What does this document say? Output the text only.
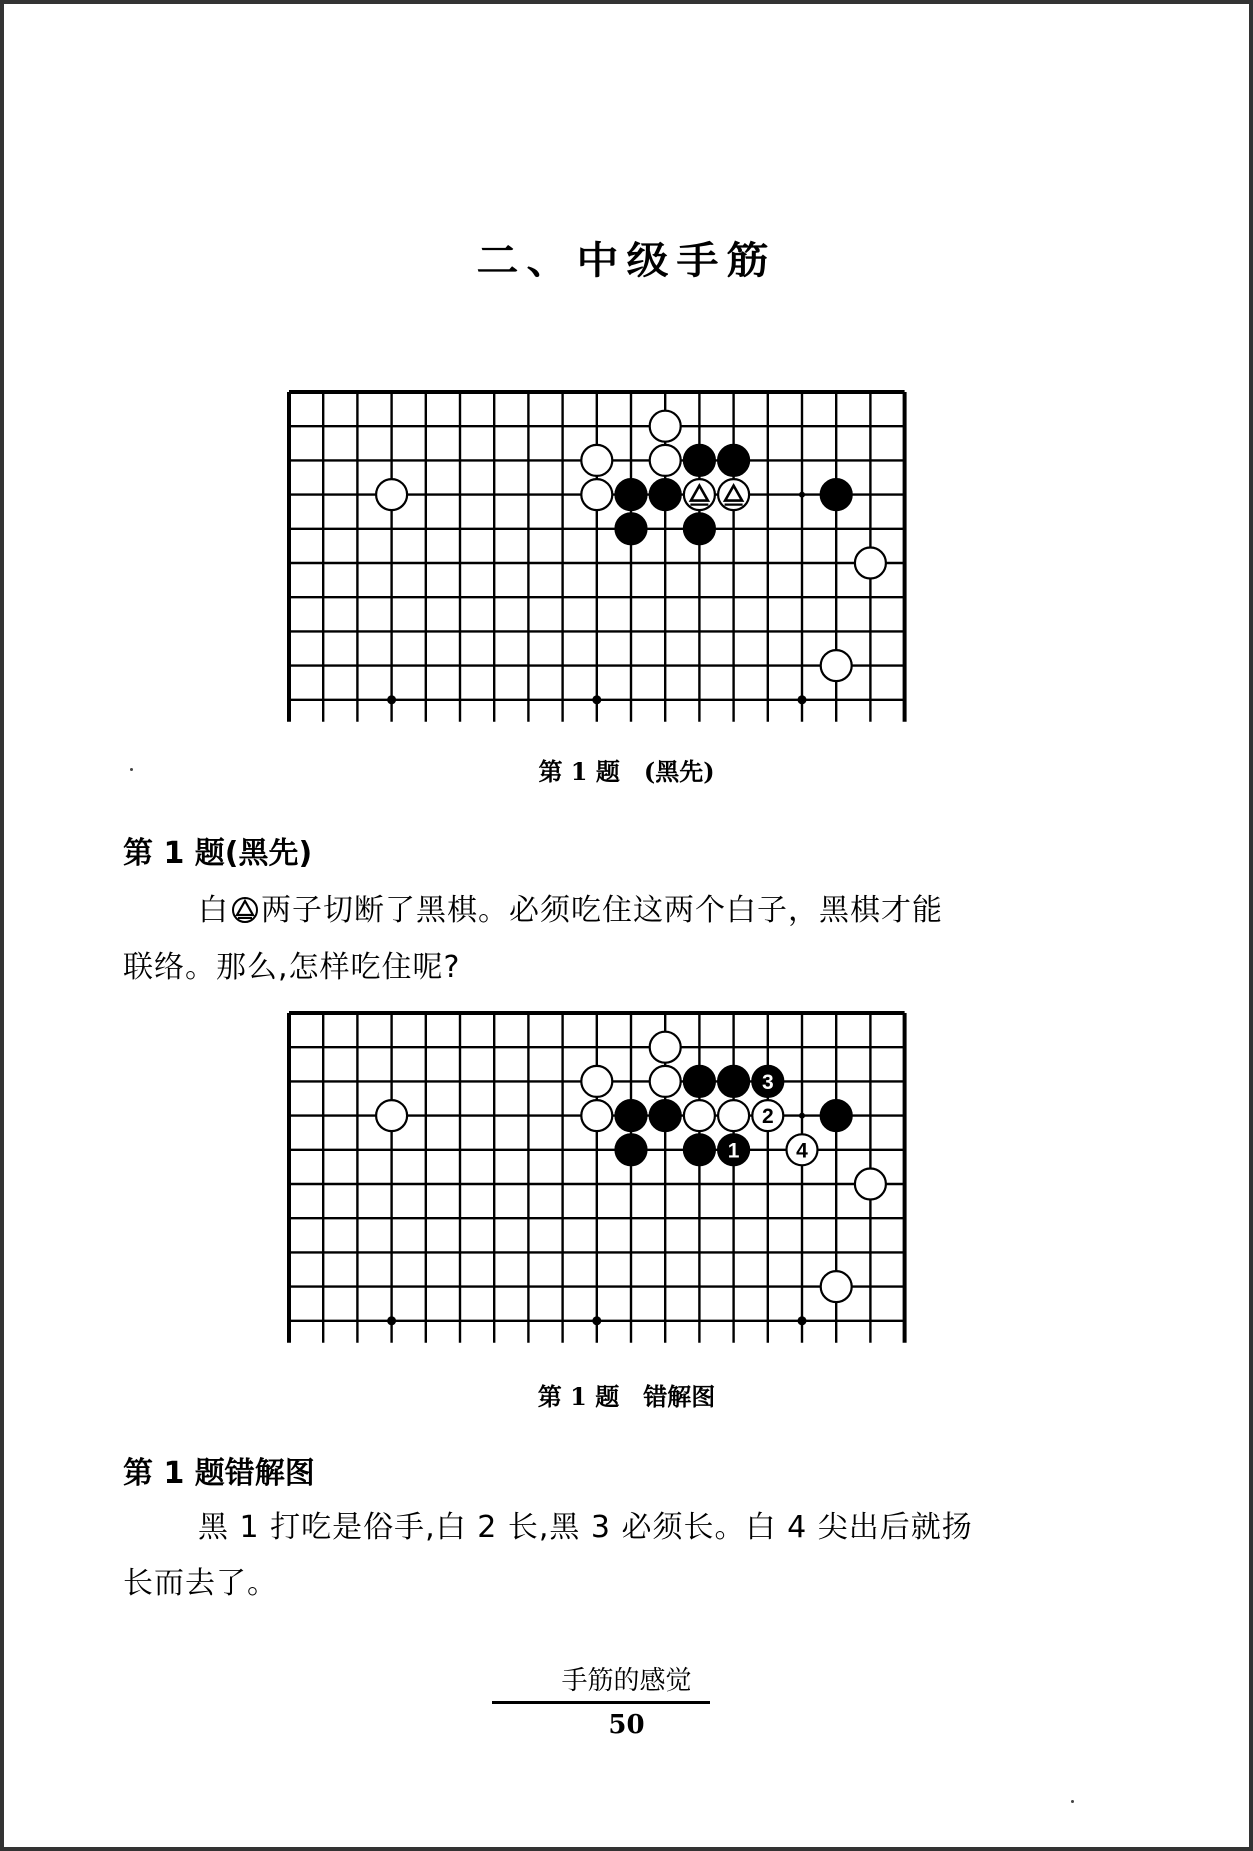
二、中级手筋
第 1 题　(黑先)
第 1 题(黑先)
白 两子切断了黑棋。必须吃住这两个白子，黑棋才能
联络。那么,怎样吃住呢?
3
2
1	4
第 1 题　错解图
第 1 题错解图
黑 1 打吃是俗手,白 2 长,黑 3 必须长。白 4 尖出后就扬
长而去了。
手筋的感觉
50
